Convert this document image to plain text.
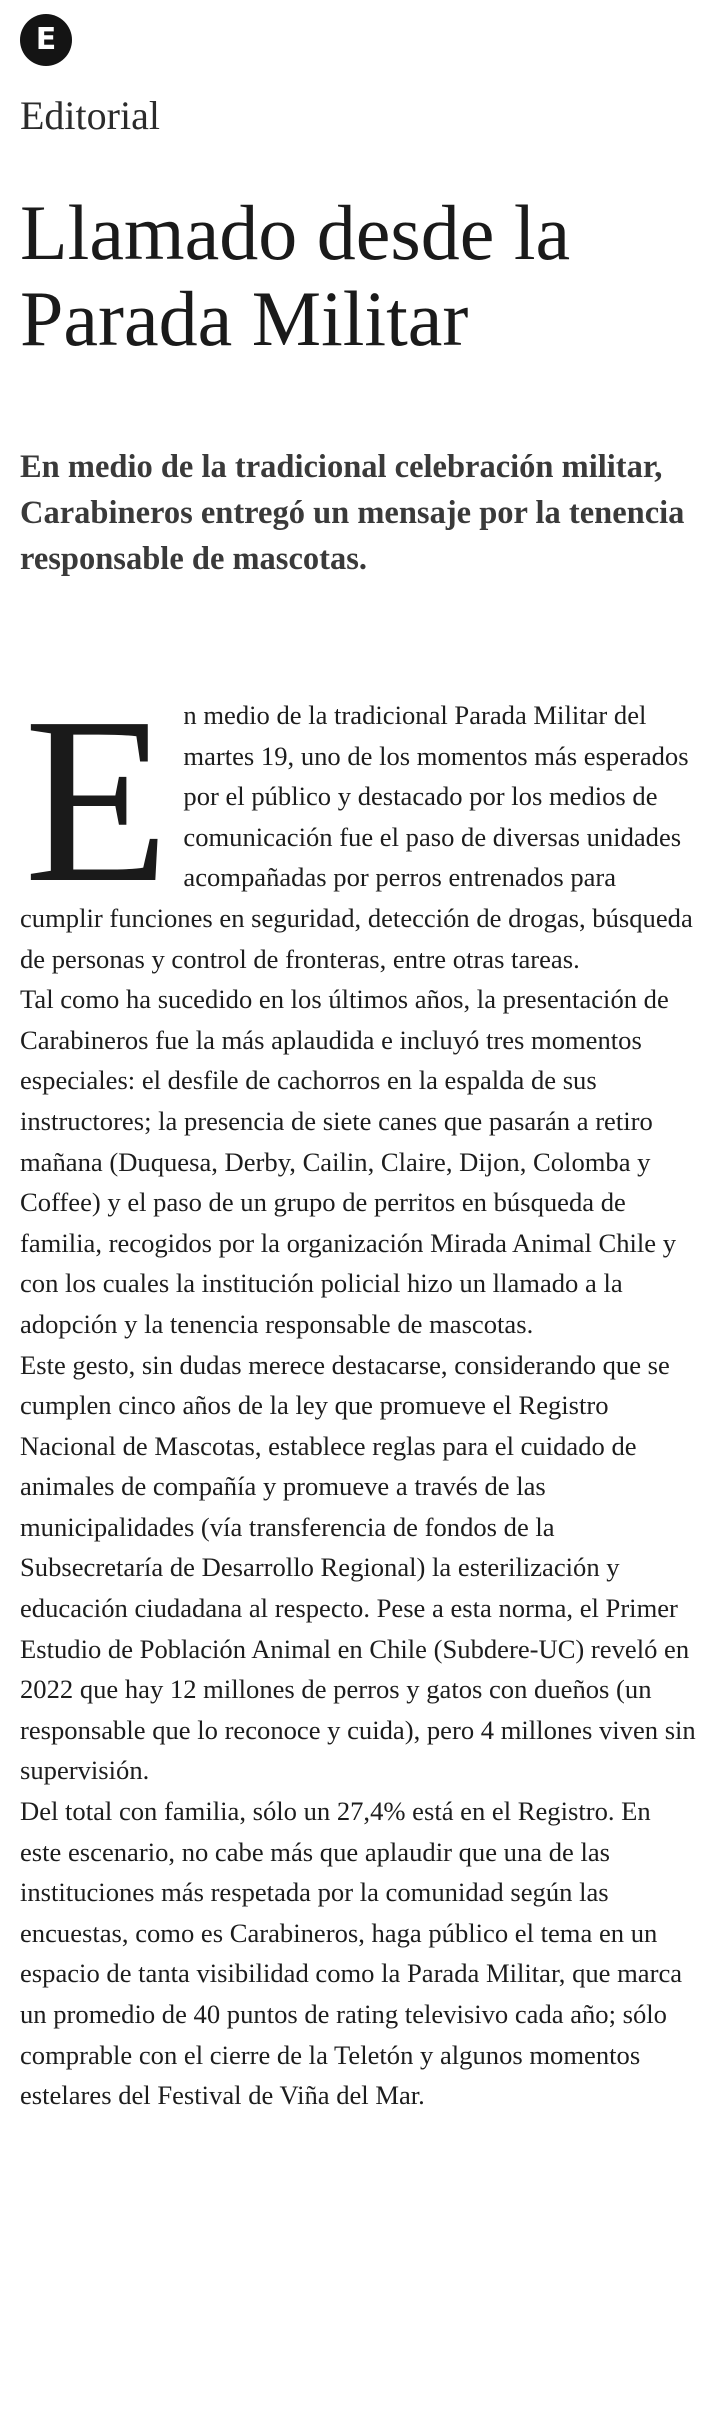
E
Editorial
Llamado desde la Parada Militar

En medio de la tradicional celebración militar, Carabineros entregó un mensaje por la tenencia responsable de mascotas.

En medio de la tradicional Parada Militar del martes 19, uno de los momentos más esperados por el público y destacado por los medios de comunicación fue el paso de diversas unidades acompañadas por perros entrenados para cumplir funciones en seguridad, detección de drogas, búsqueda de personas y control de fronteras, entre otras tareas.

Tal como ha sucedido en los últimos años, la presentación de Carabineros fue la más aplaudida e incluyó tres momentos especiales: el desfile de cachorros en la espalda de sus instructores; la presencia de siete canes que pasarán a retiro mañana (Duquesa, Derby, Cailin, Claire, Dijon, Colomba y Coffee) y el paso de un grupo de perritos en búsqueda de familia, recogidos por la organización Mirada Animal Chile y con los cuales la institución policial hizo un llamado a la adopción y la tenencia responsable de mascotas.

Este gesto, sin dudas merece destacarse, considerando que se cumplen cinco años de la ley que promueve el Registro Nacional de Mascotas, establece reglas para el cuidado de animales de compañía y promueve a través de las municipalidades (vía transferencia de fondos de la Subsecretaría de Desarrollo Regional) la esterilización y educación ciudadana al respecto. Pese a esta norma, el Primer Estudio de Población Animal en Chile (Subdere-UC) reveló en 2022 que hay 12 millones de perros y gatos con dueños (un responsable que lo reconoce y cuida), pero 4 millones viven sin supervisión.

Del total con familia, sólo un 27,4% está en el Registro. En este escenario, no cabe más que aplaudir que una de las instituciones más respetada por la comunidad según las encuestas, como es Carabineros, haga público el tema en un espacio de tanta visibilidad como la Parada Militar, que marca un promedio de 40 puntos de rating televisivo cada año; sólo comprable con el cierre de la Teletón y algunos momentos estelares del Festival de Viña del Mar.
